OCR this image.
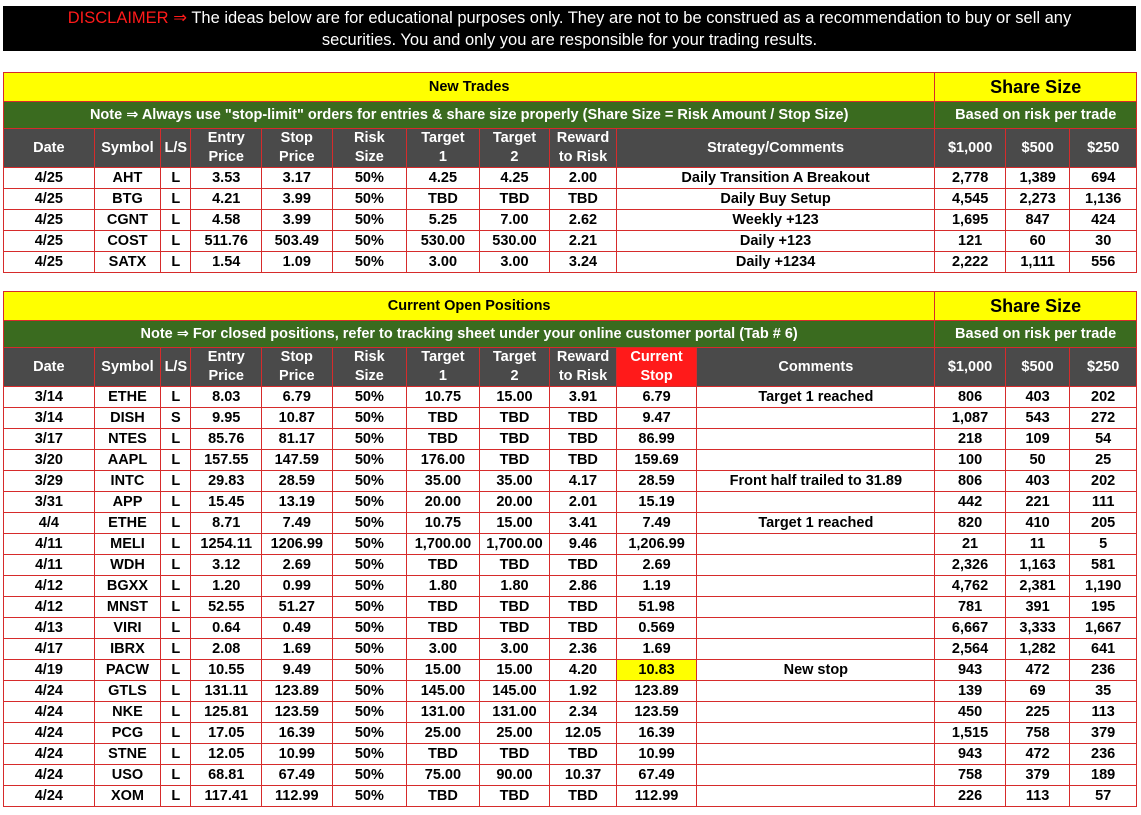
DISCLAIMER ⇒ The ideas below are for educational purposes only. They are not to be construed as a recommendation to buy or sell any
securities. You and only you are responsible for your trading results.
New Trades										Share Size		
Note ⇒ Always use "stop-limit" orders for entries & share size properly (Share Size = Risk Amount / Stop Size)										Based on risk per trade		
Date	Symbol	L/S	Entry
Price	Stop
Price	Risk
Size	Target
1	Target
2	Reward
to Risk	Strategy/Comments	$1,000	$500	$250
4/25	AHT	L	3.53	3.17	50%	4.25	4.25	2.00	Daily Transition A Breakout	2,778	1,389	694
4/25	BTG	L	4.21	3.99	50%	TBD	TBD	TBD	Daily Buy Setup	4,545	2,273	1,136
4/25	CGNT	L	4.58	3.99	50%	5.25	7.00	2.62	Weekly +123	1,695	847	424
4/25	COST	L	511.76	503.49	50%	530.00	530.00	2.21	Daily +123	121	60	30
4/25	SATX	L	1.54	1.09	50%	3.00	3.00	3.24	Daily +1234	2,222	1,111	556
Current Open Positions											Share Size		
Note ⇒ For closed positions, refer to tracking sheet under your online customer portal (Tab # 6)											Based on risk per trade		
Date	Symbol	L/S	Entry
Price	Stop
Price	Risk
Size	Target
1	Target
2	Reward
to Risk	Current
Stop	Comments	$1,000	$500	$250
3/14	ETHE	L	8.03	6.79	50%	10.75	15.00	3.91	6.79	Target 1 reached	806	403	202
3/14	DISH	S	9.95	10.87	50%	TBD	TBD	TBD	9.47		1,087	543	272
3/17	NTES	L	85.76	81.17	50%	TBD	TBD	TBD	86.99		218	109	54
3/20	AAPL	L	157.55	147.59	50%	176.00	TBD	TBD	159.69		100	50	25
3/29	INTC	L	29.83	28.59	50%	35.00	35.00	4.17	28.59	Front half trailed to 31.89	806	403	202
3/31	APP	L	15.45	13.19	50%	20.00	20.00	2.01	15.19		442	221	111
4/4	ETHE	L	8.71	7.49	50%	10.75	15.00	3.41	7.49	Target 1 reached	820	410	205
4/11	MELI	L	1254.11	1206.99	50%	1,700.00	1,700.00	9.46	1,206.99		21	11	5
4/11	WDH	L	3.12	2.69	50%	TBD	TBD	TBD	2.69		2,326	1,163	581
4/12	BGXX	L	1.20	0.99	50%	1.80	1.80	2.86	1.19		4,762	2,381	1,190
4/12	MNST	L	52.55	51.27	50%	TBD	TBD	TBD	51.98		781	391	195
4/13	VIRI	L	0.64	0.49	50%	TBD	TBD	TBD	0.569		6,667	3,333	1,667
4/17	IBRX	L	2.08	1.69	50%	3.00	3.00	2.36	1.69		2,564	1,282	641
4/19	PACW	L	10.55	9.49	50%	15.00	15.00	4.20	10.83	New stop	943	472	236
4/24	GTLS	L	131.11	123.89	50%	145.00	145.00	1.92	123.89		139	69	35
4/24	NKE	L	125.81	123.59	50%	131.00	131.00	2.34	123.59		450	225	113
4/24	PCG	L	17.05	16.39	50%	25.00	25.00	12.05	16.39		1,515	758	379
4/24	STNE	L	12.05	10.99	50%	TBD	TBD	TBD	10.99		943	472	236
4/24	USO	L	68.81	67.49	50%	75.00	90.00	10.37	67.49		758	379	189
4/24	XOM	L	117.41	112.99	50%	TBD	TBD	TBD	112.99		226	113	57
